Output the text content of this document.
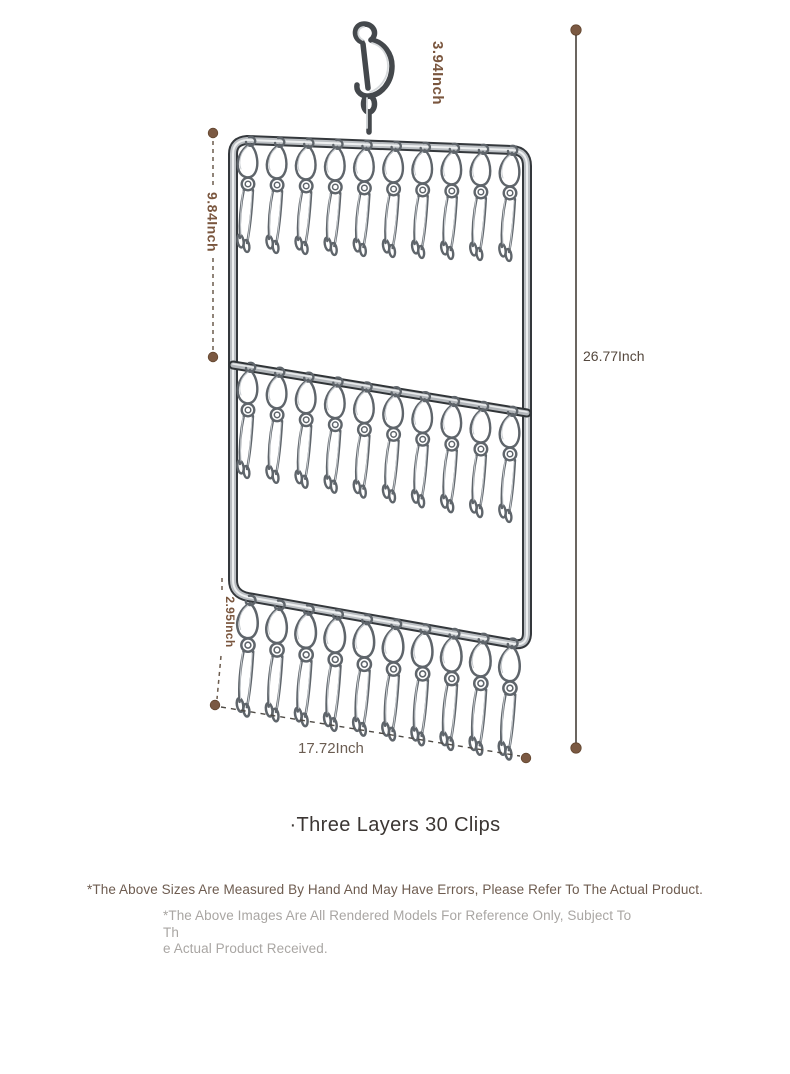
3.94Inch
9.84Inch
26.77Inch
2.95Inch
17.72Inch
·Three Layers 30 Clips
*The Above Sizes Are Measured By Hand And May Have Errors, Please Refer To The Actual Product.
*The Above Images Are All Rendered Models For Reference Only, Subject To Th
e Actual Product Received.
